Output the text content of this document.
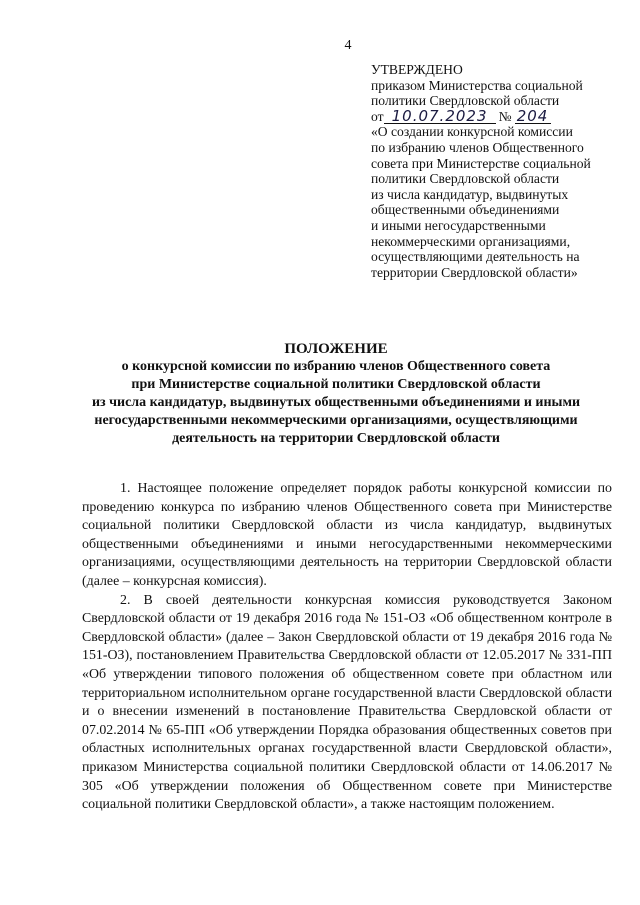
4
УТВЕРЖДЕНО
приказом Министерства социальной
политики Свердловской области
от 10.07.2023 № 204
«О создании конкурсной комиссии
по избранию членов Общественного
совета при Министерстве социальной
политики Свердловской области
из числа кандидатур, выдвинутых
общественными объединениями
и иными негосударственными
некоммерческими организациями,
осуществляющими деятельность на
территории Свердловской области»
ПОЛОЖЕНИЕ
о конкурсной комиссии по избранию членов Общественного совета
при Министерстве социальной политики Свердловской области
из числа кандидатур, выдвинутых общественными объединениями и иными
негосударственными некоммерческими организациями, осуществляющими
деятельность на территории Свердловской области

1. Настоящее положение определяет порядок работы конкурсной комиссии по проведению конкурса по избранию членов Общественного совета при Министерстве социальной политики Свердловской области из числа кандидатур, выдвинутых общественными объединениями и иными негосударственными некоммерческими организациями, осуществляющими деятельность на территории Свердловской области (далее – конкурсная комиссия).

2. В своей деятельности конкурсная комиссия руководствуется Законом Свердловской области от 19 декабря 2016 года № 151-ОЗ «Об общественном контроле в Свердловской области» (далее – Закон Свердловской области от 19 декабря 2016 года № 151-ОЗ), постановлением Правительства Свердловской области от 12.05.2017 № 331-ПП «Об утверждении типового положения об общественном совете при областном или территориальном исполнительном органе государственной власти Свердловской области и о внесении изменений в постановление Правительства Свердловской области от 07.02.2014 № 65-ПП «Об утверждении Порядка образования общественных советов при областных исполнительных органах государственной власти Свердловской области», приказом Министерства социальной политики Свердловской области от 14.06.2017 № 305 «Об утверждении положения об Общественном совете при Министерстве социальной политики Свердловской области», а также настоящим положением.
